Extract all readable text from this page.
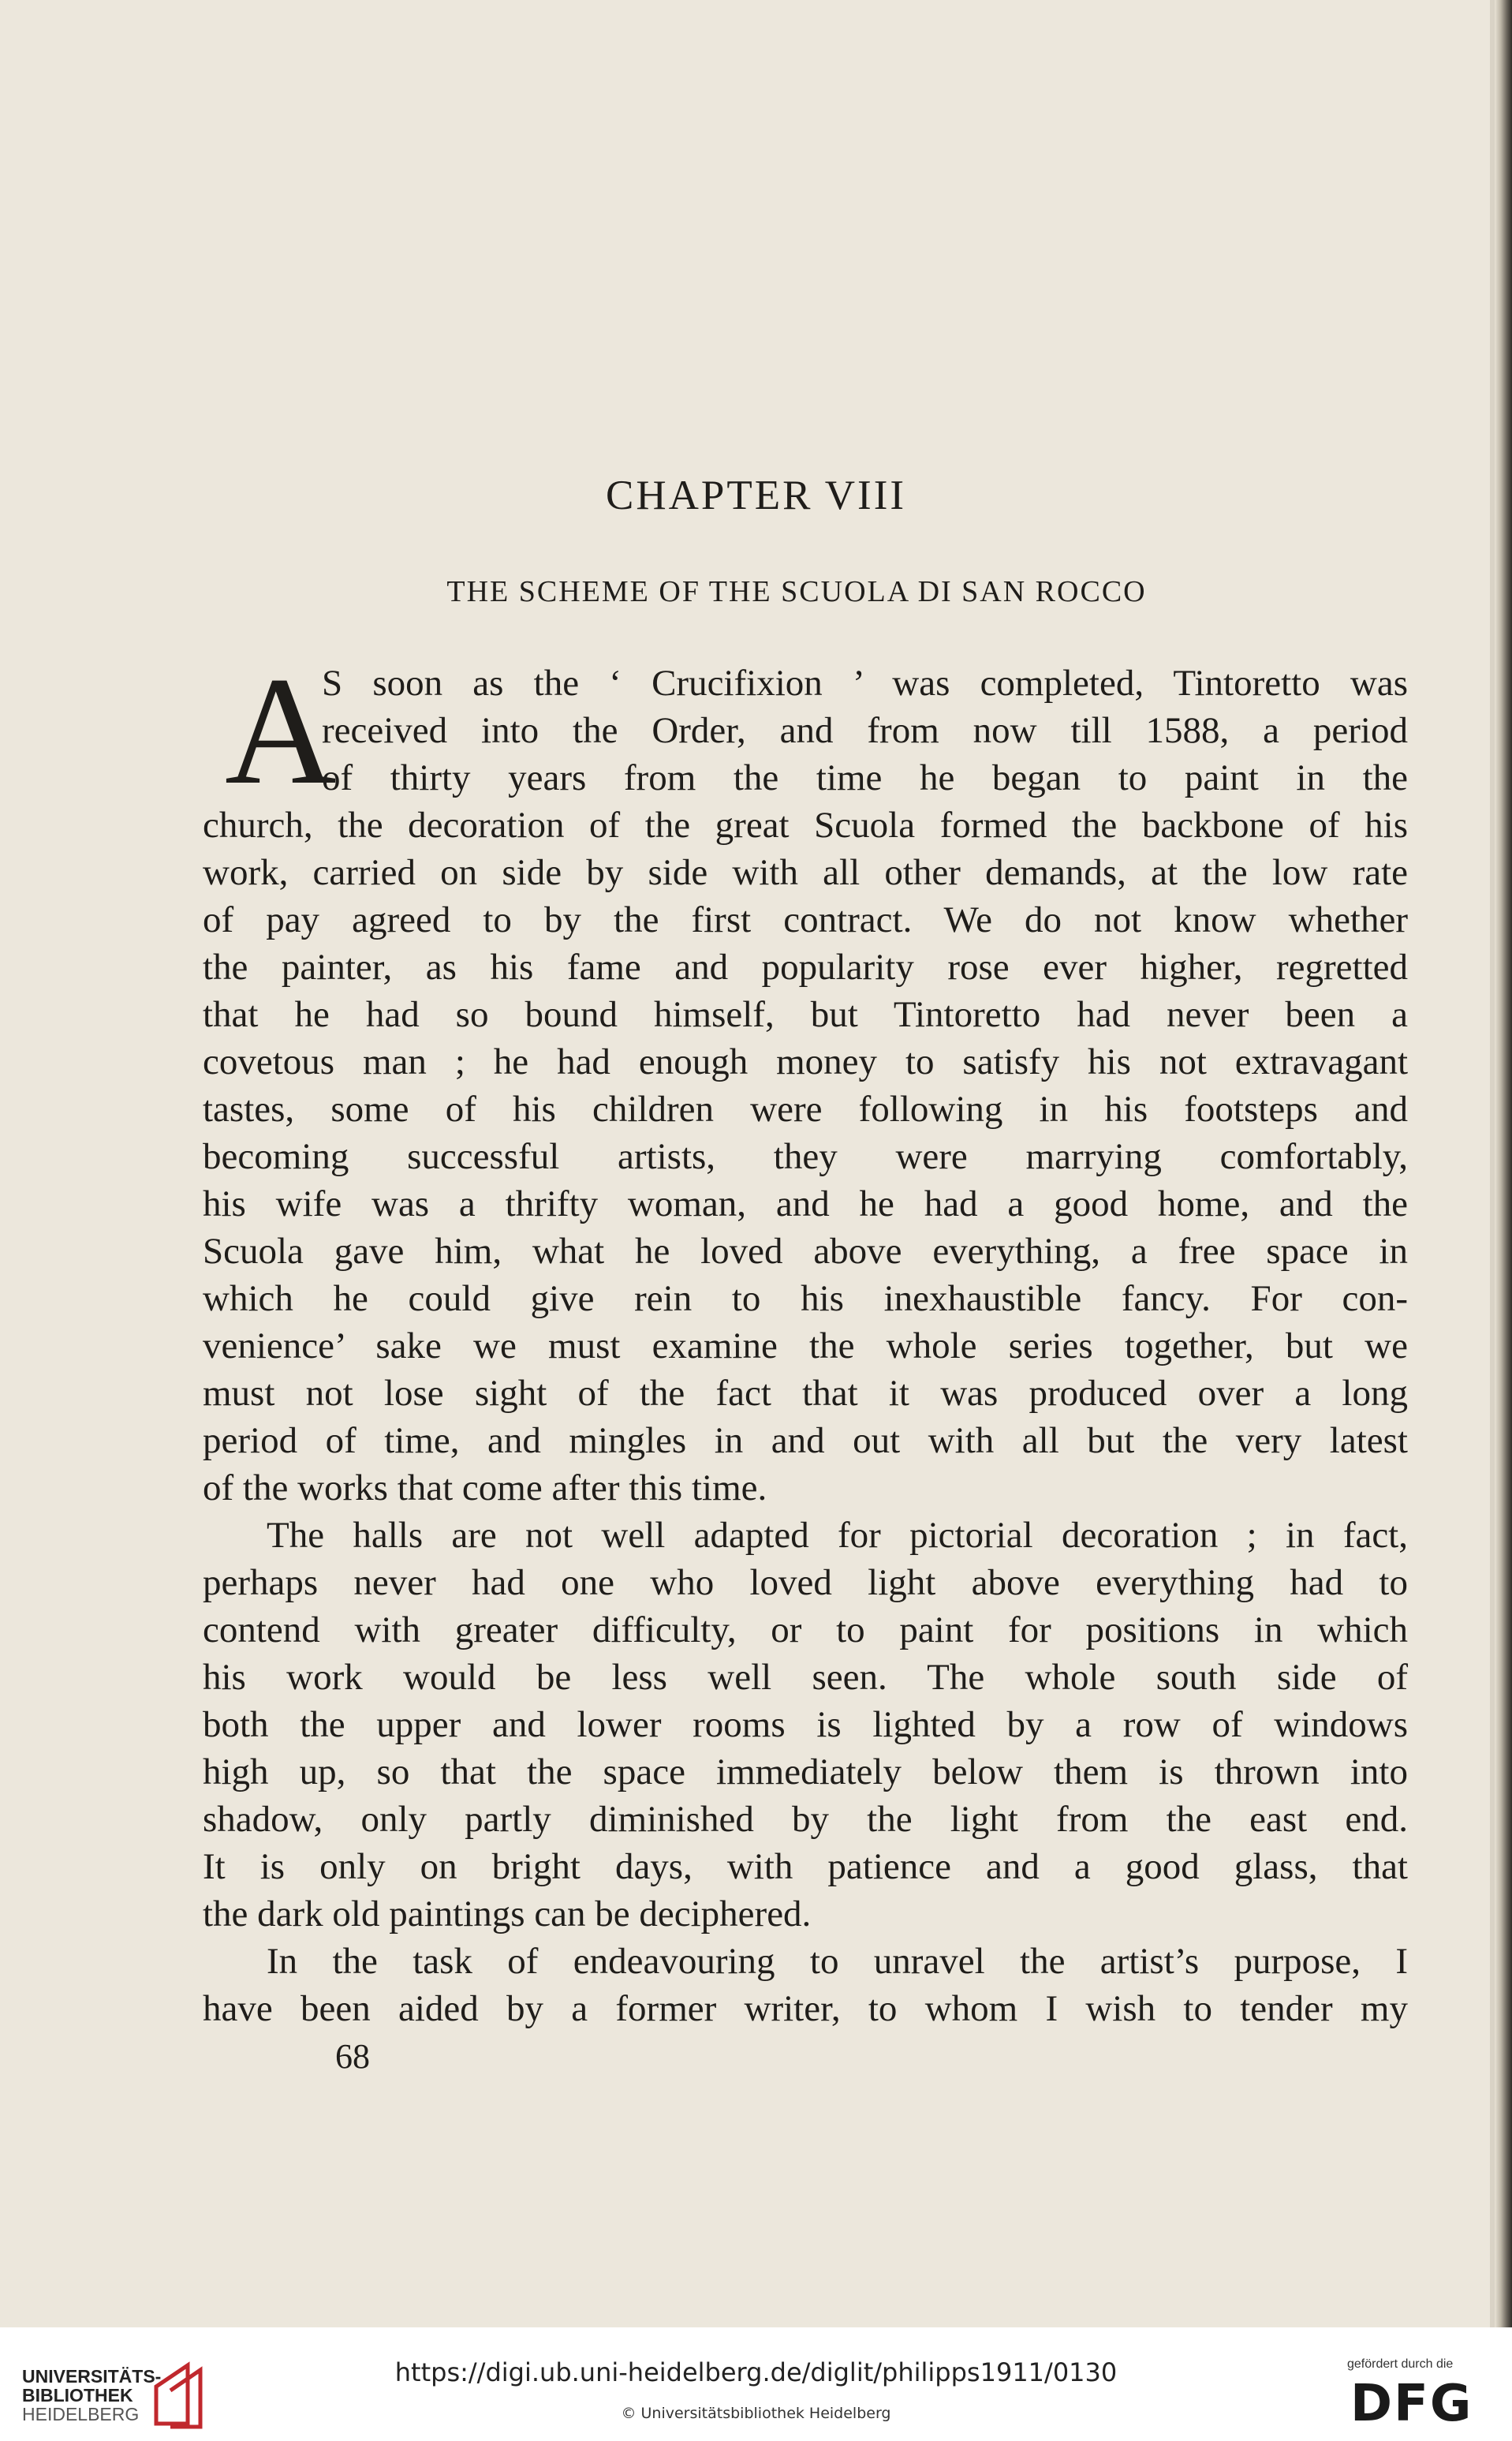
CHAPTER VIII
THE SCHEME OF THE SCUOLA DI SAN ROCCO
A
S soon as the ‘ Crucifixion ’ was completed, Tintoretto was
received into the Order, and from now till 1588, a period
of thirty years from the time he began to paint in the
church, the decoration of the great Scuola formed the backbone of his
work, carried on side by side with all other demands, at the low rate
of pay agreed to by the first contract. We do not know whether
the painter, as his fame and popularity rose ever higher, regretted
that he had so bound himself, but Tintoretto had never been a
covetous man ; he had enough money to satisfy his not extravagant
tastes, some of his children were following in his footsteps and
becoming successful artists, they were marrying comfortably,
his wife was a thrifty woman, and he had a good home, and the
Scuola gave him, what he loved above everything, a free space in
which he could give rein to his inexhaustible fancy. For con-
venience’ sake we must examine the whole series together, but we
must not lose sight of the fact that it was produced over a long
period of time, and mingles in and out with all but the very latest
of the works that come after this time.
The halls are not well adapted for pictorial decoration ; in fact,
perhaps never had one who loved light above everything had to
contend with greater difficulty, or to paint for positions in which
his work would be less well seen. The whole south side of
both the upper and lower rooms is lighted by a row of windows
high up, so that the space immediately below them is thrown into
shadow, only partly diminished by the light from the east end.
It is only on bright days, with patience and a good glass, that
the dark old paintings can be deciphered.
In the task of endeavouring to unravel the artist’s purpose, I
have been aided by a former writer, to whom I wish to tender my
68
UNIVERSITÄTS-
BIBLIOTHEK
HEIDELBERG
https://digi.ub.uni-heidelberg.de/diglit/philipps1911/0130
© Universitätsbibliothek Heidelberg
gefördert durch die
DFG
